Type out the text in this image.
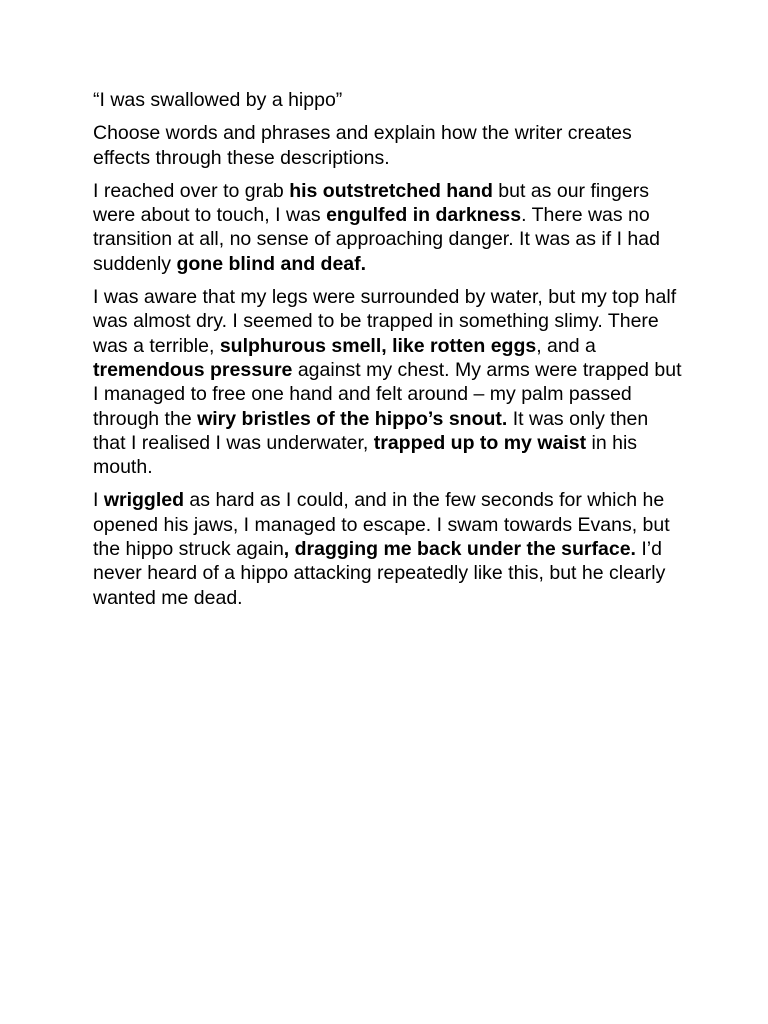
“I was swallowed by a hippo”

Choose words and phrases and explain how the writer creates effects through these descriptions.

I reached over to grab his outstretched hand but as our fingers were about to touch, I was engulfed in darkness. There was no transition at all, no sense of approaching danger. It was as if I had suddenly gone blind and deaf.

I was aware that my legs were surrounded by water, but my top half was almost dry. I seemed to be trapped in something slimy. There was a terrible, sulphurous smell, like rotten eggs, and a tremendous pressure against my chest. My arms were trapped but I managed to free one hand and felt around – my palm passed through the wiry bristles of the hippo’s snout. It was only then that I realised I was underwater, trapped up to my waist in his mouth.

I wriggled as hard as I could, and in the few seconds for which he opened his jaws, I managed to escape. I swam towards Evans, but the hippo struck again, dragging me back under the surface. I’d never heard of a hippo attacking repeatedly like this, but he clearly wanted me dead.
